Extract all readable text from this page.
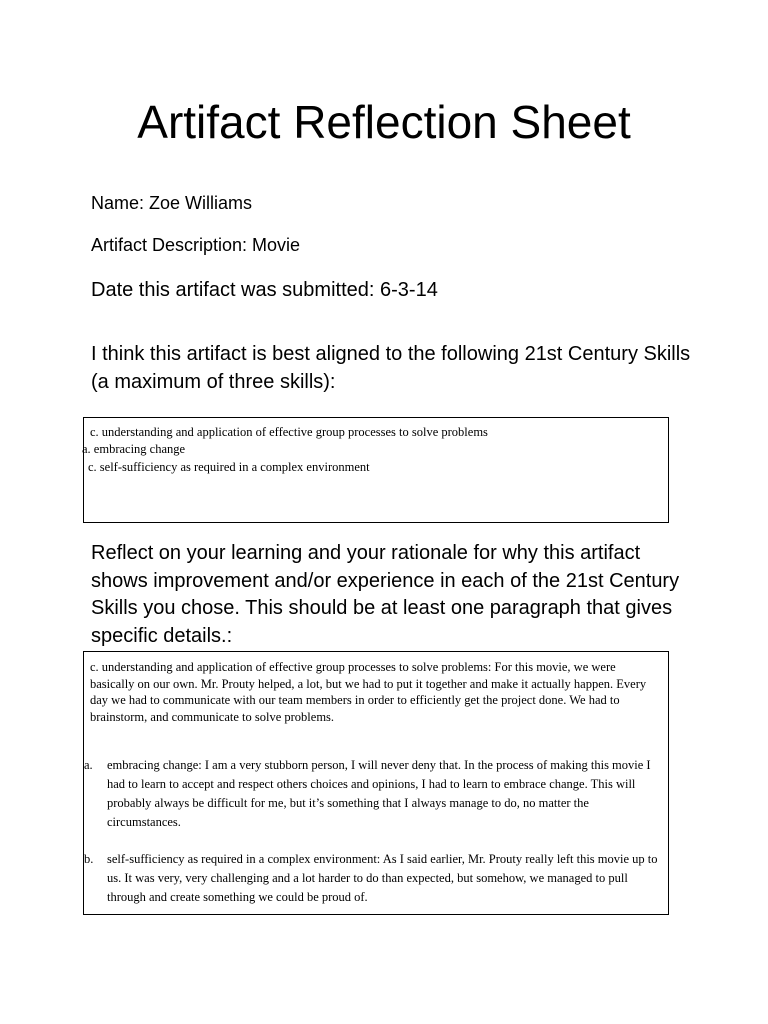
Artifact Reflection Sheet
Name: Zoe Williams
Artifact Description: Movie
Date this artifact was submitted: 6-3-14
I think this artifact is best aligned to the following 21st Century Skills (a maximum of three skills):
c. understanding and application of effective group processes to solve problems
a. embracing change
c. self-sufficiency as required in a complex environment
Reflect on your learning and your rationale for why this artifact shows improvement and/or experience in each of the 21st Century Skills you chose. This should be at least one paragraph that gives specific details.:
c. understanding and application of effective group processes to solve problems: For this movie, we were basically on our own. Mr. Prouty helped, a lot, but we had to put it together and make it actually happen. Every day we had to communicate with our team members in order to efficiently get the project done. We had to brainstorm, and communicate to solve problems.
a. embracing change: I am a very stubborn person, I will never deny that. In the process of making this movie I had to learn to accept and respect others choices and opinions, I had to learn to embrace change. This will probably always be difficult for me, but it’s something that I always manage to do, no matter the circumstances.
b. self-sufficiency as required in a complex environment: As I said earlier, Mr. Prouty really left this movie up to us. It was very, very challenging and a lot harder to do than expected, but somehow, we managed to pull through and create something we could be proud of.
